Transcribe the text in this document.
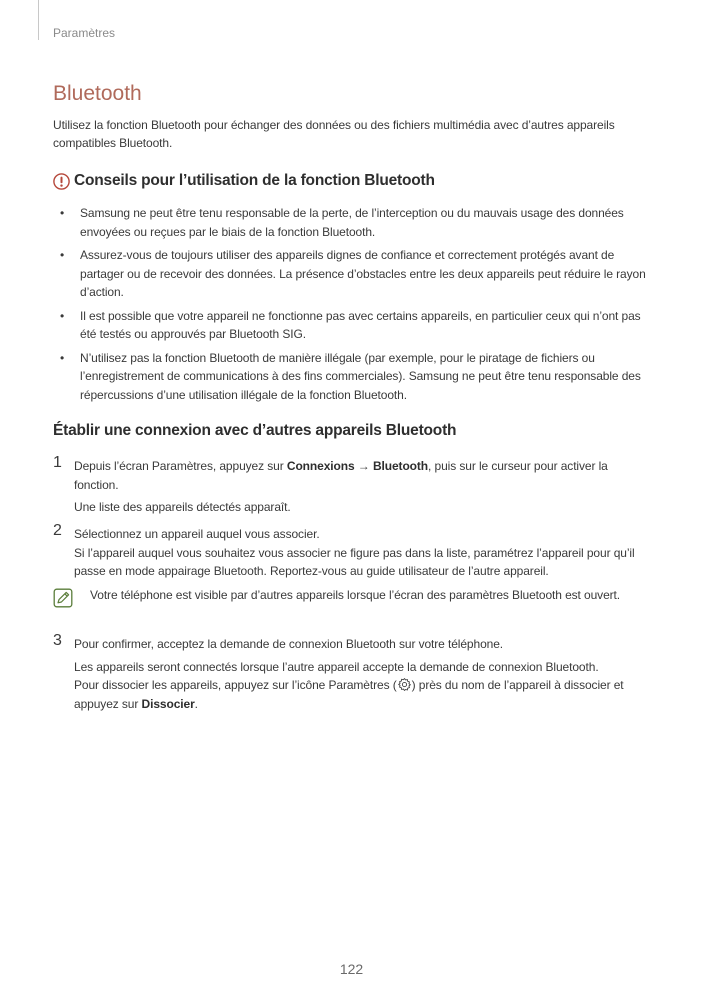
Paramètres
Bluetooth
Utilisez la fonction Bluetooth pour échanger des données ou des fichiers multimédia avec d’autres appareils compatibles Bluetooth.
Conseils pour l’utilisation de la fonction Bluetooth
• Samsung ne peut être tenu responsable de la perte, de l’interception ou du mauvais usage des données envoyées ou reçues par le biais de la fonction Bluetooth.
• Assurez-vous de toujours utiliser des appareils dignes de confiance et correctement protégés avant de partager ou de recevoir des données. La présence d’obstacles entre les deux appareils peut réduire le rayon d’action.
• Il est possible que votre appareil ne fonctionne pas avec certains appareils, en particulier ceux qui n’ont pas été testés ou approuvés par Bluetooth SIG.
• N’utilisez pas la fonction Bluetooth de manière illégale (par exemple, pour le piratage de fichiers ou l’enregistrement de communications à des fins commerciales). Samsung ne peut être tenu responsable des répercussions d’une utilisation illégale de la fonction Bluetooth.
Établir une connexion avec d’autres appareils Bluetooth
1 Depuis l’écran Paramètres, appuyez sur Connexions → Bluetooth, puis sur le curseur pour activer la fonction.

Une liste des appareils détectés apparaît.

2 Sélectionnez un appareil auquel vous associer.

Si l’appareil auquel vous souhaitez vous associer ne figure pas dans la liste, paramétrez l’appareil pour qu’il passe en mode appairage Bluetooth. Reportez-vous au guide utilisateur de l’autre appareil.

Votre téléphone est visible par d’autres appareils lorsque l’écran des paramètres Bluetooth est ouvert.
3 Pour confirmer, acceptez la demande de connexion Bluetooth sur votre téléphone.

Les appareils seront connectés lorsque l’autre appareil accepte la demande de connexion Bluetooth.

Pour dissocier les appareils, appuyez sur l’icône Paramètres ( ) près du nom de l’appareil à dissocier et appuyez sur Dissocier.

122
